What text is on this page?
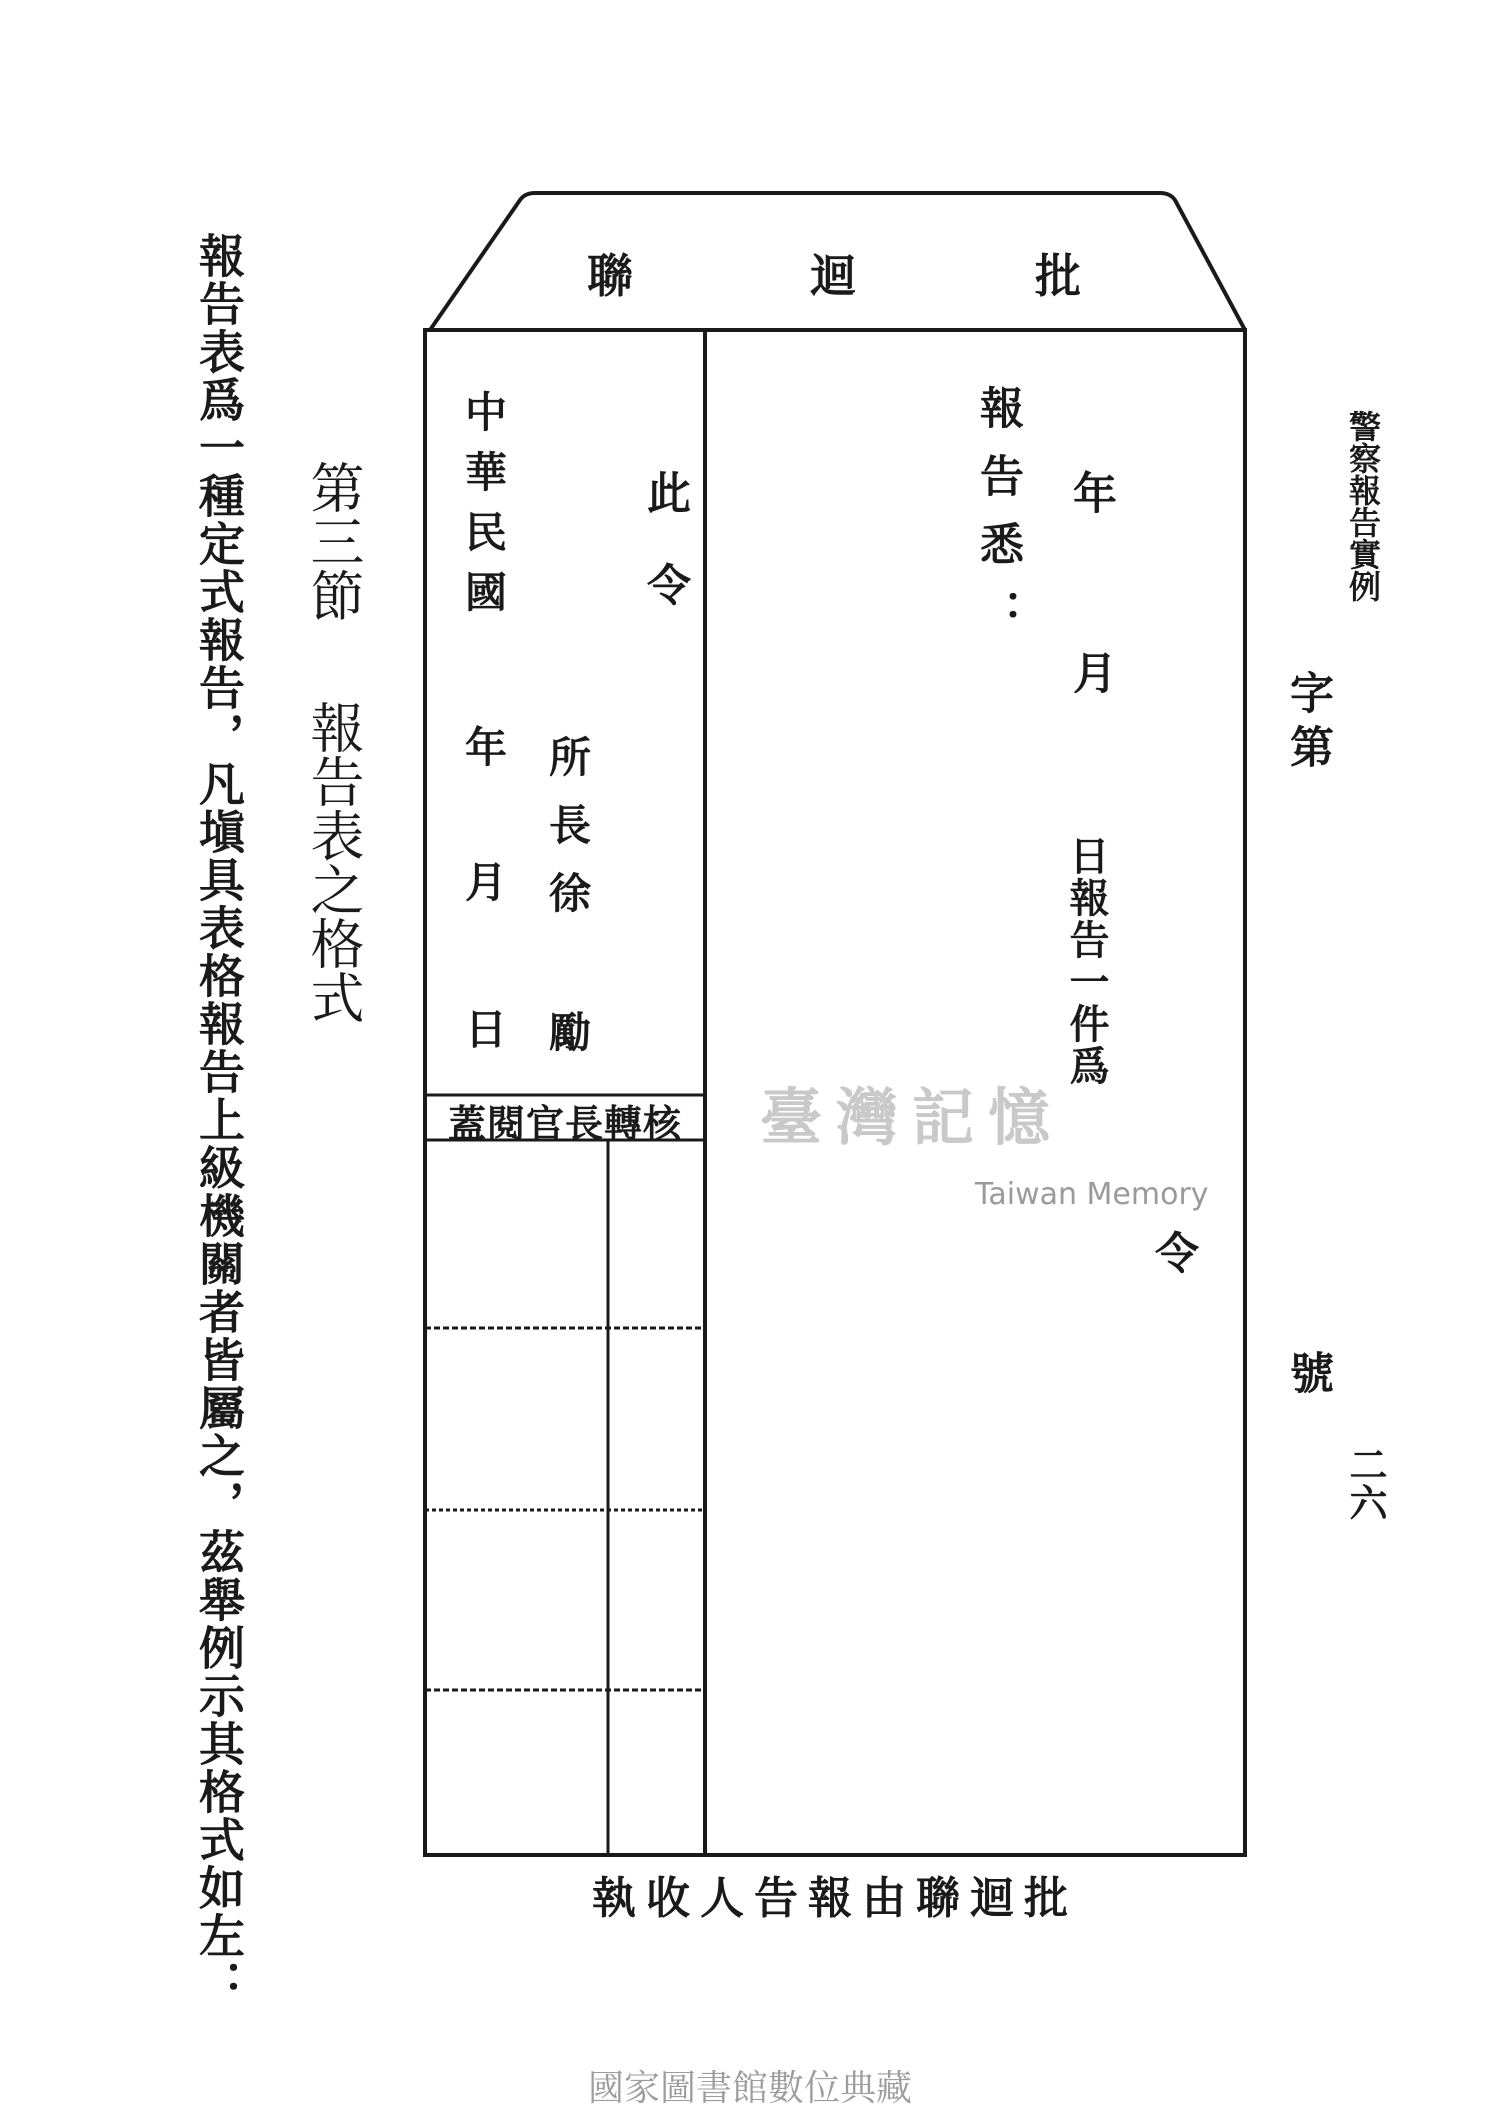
警察報告實例
二六
字第
號
批
迴
聯
報告悉： 年
月
日報告一件爲
令
此令
所長徐
勵
中華民國
年
月
日
核轉長官閱蓋
批迴聯由報告人收執
報告表爲一種定式報告，凡塡具表格報告上級機關者皆屬之，茲舉例示其格式如左： 第三節
報告表之格式
臺灣記憶
Taiwan Memory
國家圖書館數位典藏
